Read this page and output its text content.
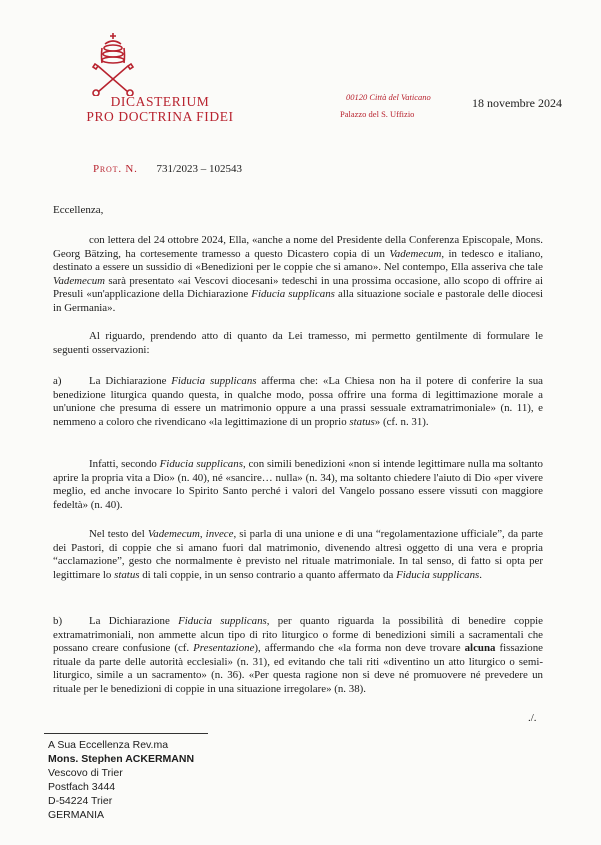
DICASTERIUM
PRO DOCTRINA FIDEI
00120 Città del Vaticano
Palazzo del S. Uffizio
18 novembre 2024
Prot. N. 731/2023 – 102543
Eccellenza,
con lettera del 24 ottobre 2024, Ella, «anche a nome del Presidente della Conferenza Episcopale, Mons. Georg Bätzing, ha cortesemente tramesso a questo Dicastero copia di un Vademecum, in tedesco e italiano, destinato a essere un sussidio di «Benedizioni per le coppie che si amano». Nel contempo, Ella asseriva che tale Vademecum sarà presentato «ai Vescovi diocesani» tedeschi in una prossima occasione, allo scopo di offrire ai Presuli «un'applicazione della Dichiarazione Fiducia supplicans alla situazione sociale e pastorale delle diocesi in Germania».
Al riguardo, prendendo atto di quanto da Lei tramesso, mi permetto gentilmente di formulare le seguenti osservazioni:
a)	La Dichiarazione Fiducia supplicans afferma che: «La Chiesa non ha il potere di conferire la sua benedizione liturgica quando questa, in qualche modo, possa offrire una forma di legittimazione morale a un'unione che presuma di essere un matrimonio oppure a una prassi sessuale extramatrimoniale» (n. 11), e nemmeno a coloro che rivendicano «la legittimazione di un proprio status» (cf. n. 31).
Infatti, secondo Fiducia supplicans, con simili benedizioni «non si intende legittimare nulla ma soltanto aprire la propria vita a Dio» (n. 40), né «sancire… nulla» (n. 34), ma soltanto chiedere l'aiuto di Dio «per vivere meglio, ed anche invocare lo Spirito Santo perché i valori del Vangelo possano essere vissuti con maggiore fedeltà» (n. 40).
Nel testo del Vademecum, invece, si parla di una unione e di una “regolamentazione ufficiale”, da parte dei Pastori, di coppie che si amano fuori dal matrimonio, divenendo altresì oggetto di una vera e propria “acclamazione”, gesto che normalmente è previsto nel rituale matrimoniale. In tal senso, di fatto si opta per legittimare lo status di tali coppie, in un senso contrario a quanto affermato da Fiducia supplicans.
b) La Dichiarazione Fiducia supplicans, per quanto riguarda la possibilità di benedire coppie extramatrimoniali, non ammette alcun tipo di rito liturgico o forme di benedizioni simili a sacramentali che possano creare confusione (cf. Presentazione), affermando che «la forma non deve trovare alcuna fissazione rituale da parte delle autorità ecclesiali» (n. 31), ed evitando che tali riti «diventino un atto liturgico o semi-liturgico, simile a un sacramento» (n. 36). «Per questa ragione non si deve né promuovere né prevedere un rituale per le benedizioni di coppie in una situazione irregolare» (n. 38).
./.
A Sua Eccellenza Rev.ma
Mons. Stephen ACKERMANN
Vescovo di Trier
Postfach 3444
D-54224 Trier
GERMANIA
